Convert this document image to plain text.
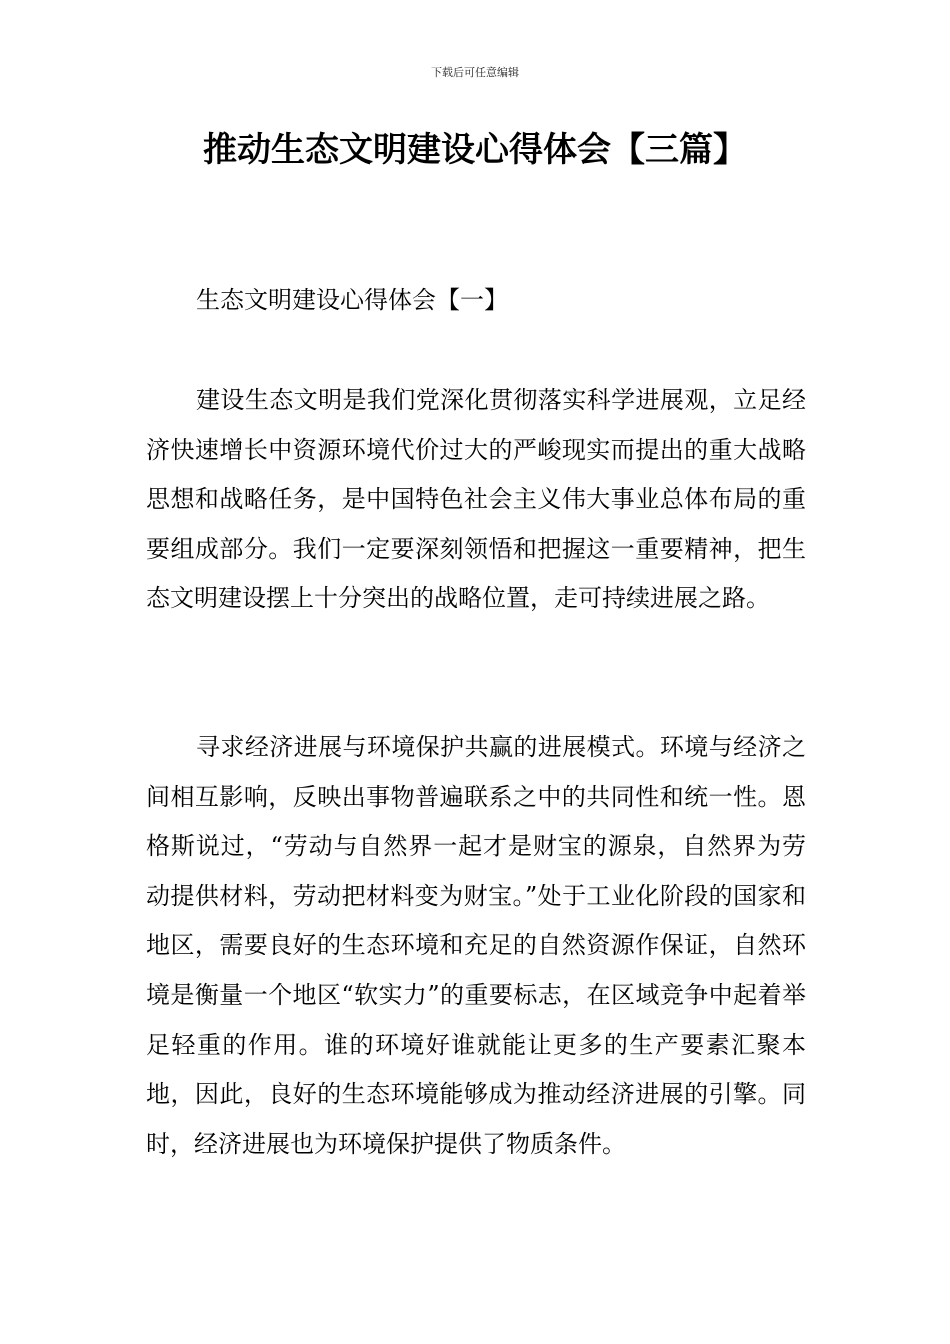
下载后可任意编辑
推动生态文明建设心得体会【三篇】
生态文明建设心得体会【一】

建设生态文明是我们党深化贯彻落实科学进展观，立足经济快速增长中资源环境代价过大的严峻现实而提出的重大战略思想和战略任务，是中国特色社会主义伟大事业总体布局的重要组成部分。我们一定要深刻领悟和把握这一重要精神，把生态文明建设摆上十分突出的战略位置，走可持续进展之路。

寻求经济进展与环境保护共赢的进展模式。环境与经济之间相互影响，反映出事物普遍联系之中的共同性和统一性。恩格斯说过，“劳动与自然界一起才是财宝的源泉，自然界为劳动提供材料，劳动把材料变为财宝。”处于工业化阶段的国家和地区，需要良好的生态环境和充足的自然资源作保证，自然环境是衡量一个地区“软实力”的重要标志，在区域竞争中起着举足轻重的作用。谁的环境好谁就能让更多的生产要素汇聚本地，因此，良好的生态环境能够成为推动经济进展的引擎。同时，经济进展也为环境保护提供了物质条件。
